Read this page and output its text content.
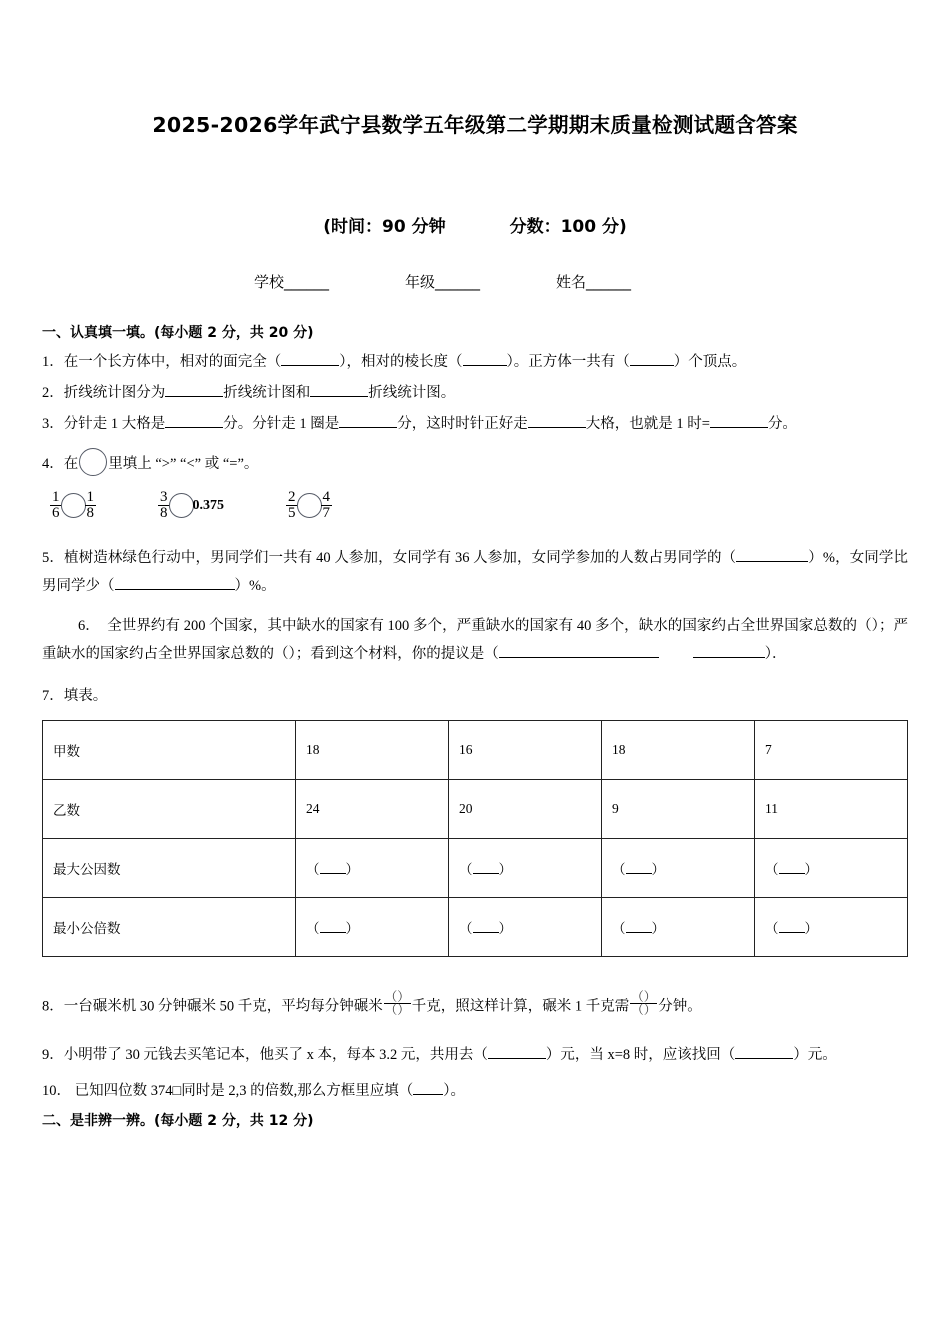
2025-2026学年武宁县数学五年级第二学期期末质量检测试题含答案
(时间：90 分钟	分数：100 分)
学校______	年级______	姓名______
一、认真填一填。(每小题 2 分，共 20 分)
1．在一个长方体中，相对的面完全（	），相对的棱长度（	）。正方体一共有（	）个顶点。
2．折线统计图分为	折线统计图和	折线统计图。
3．分针走 1 大格是	分。分针走 1 圈是	分，这时时针正好走	大格，也就是 1 时=	分。
4．在 里填上 “>” “<” 或 “=”。
$\frac{1}{6} \frac{1}{8}$	$\frac{3}{8} 0.375$	$\frac{2}{5} \frac{4}{7}$
5．植树造林绿色行动中，男同学们一共有 40 人参加，女同学有 36 人参加，女同学参加的人数占男同学的（	）%，女同学比男同学少（	）%。
6． 全世界约有 200 个国家，其中缺水的国家有 100 多个，严重缺水的国家有 40 多个，缺水的国家约占全世界国家总数的（）；严重缺水的国家约占全世界国家总数的（）；看到这个材料，你的提议是（	）．
7．填表。
甲数	18	16	18	7
乙数	24	20	9	11
最大公因数	（ ）	（ ）	（ ）	（ ）
最小公倍数	（ ）	（ ）	（ ）	（ ）
8．一台碾米机 30 分钟碾米 50 千克，平均每分钟碾米
（）
（） 千克，照这样计算，碾米 1 千克需
（）
（） 分钟。
9．小明带了 30 元钱去买笔记本，他买了 x 本，每本 3.2 元，共用去（	）元，当 x=8 时，应该找回（	）元。
10． 已知四位数 374□同时是 2,3 的倍数,那么方框里应填（ ）。
二、是非辨一辨。(每小题 2 分，共 12 分)
